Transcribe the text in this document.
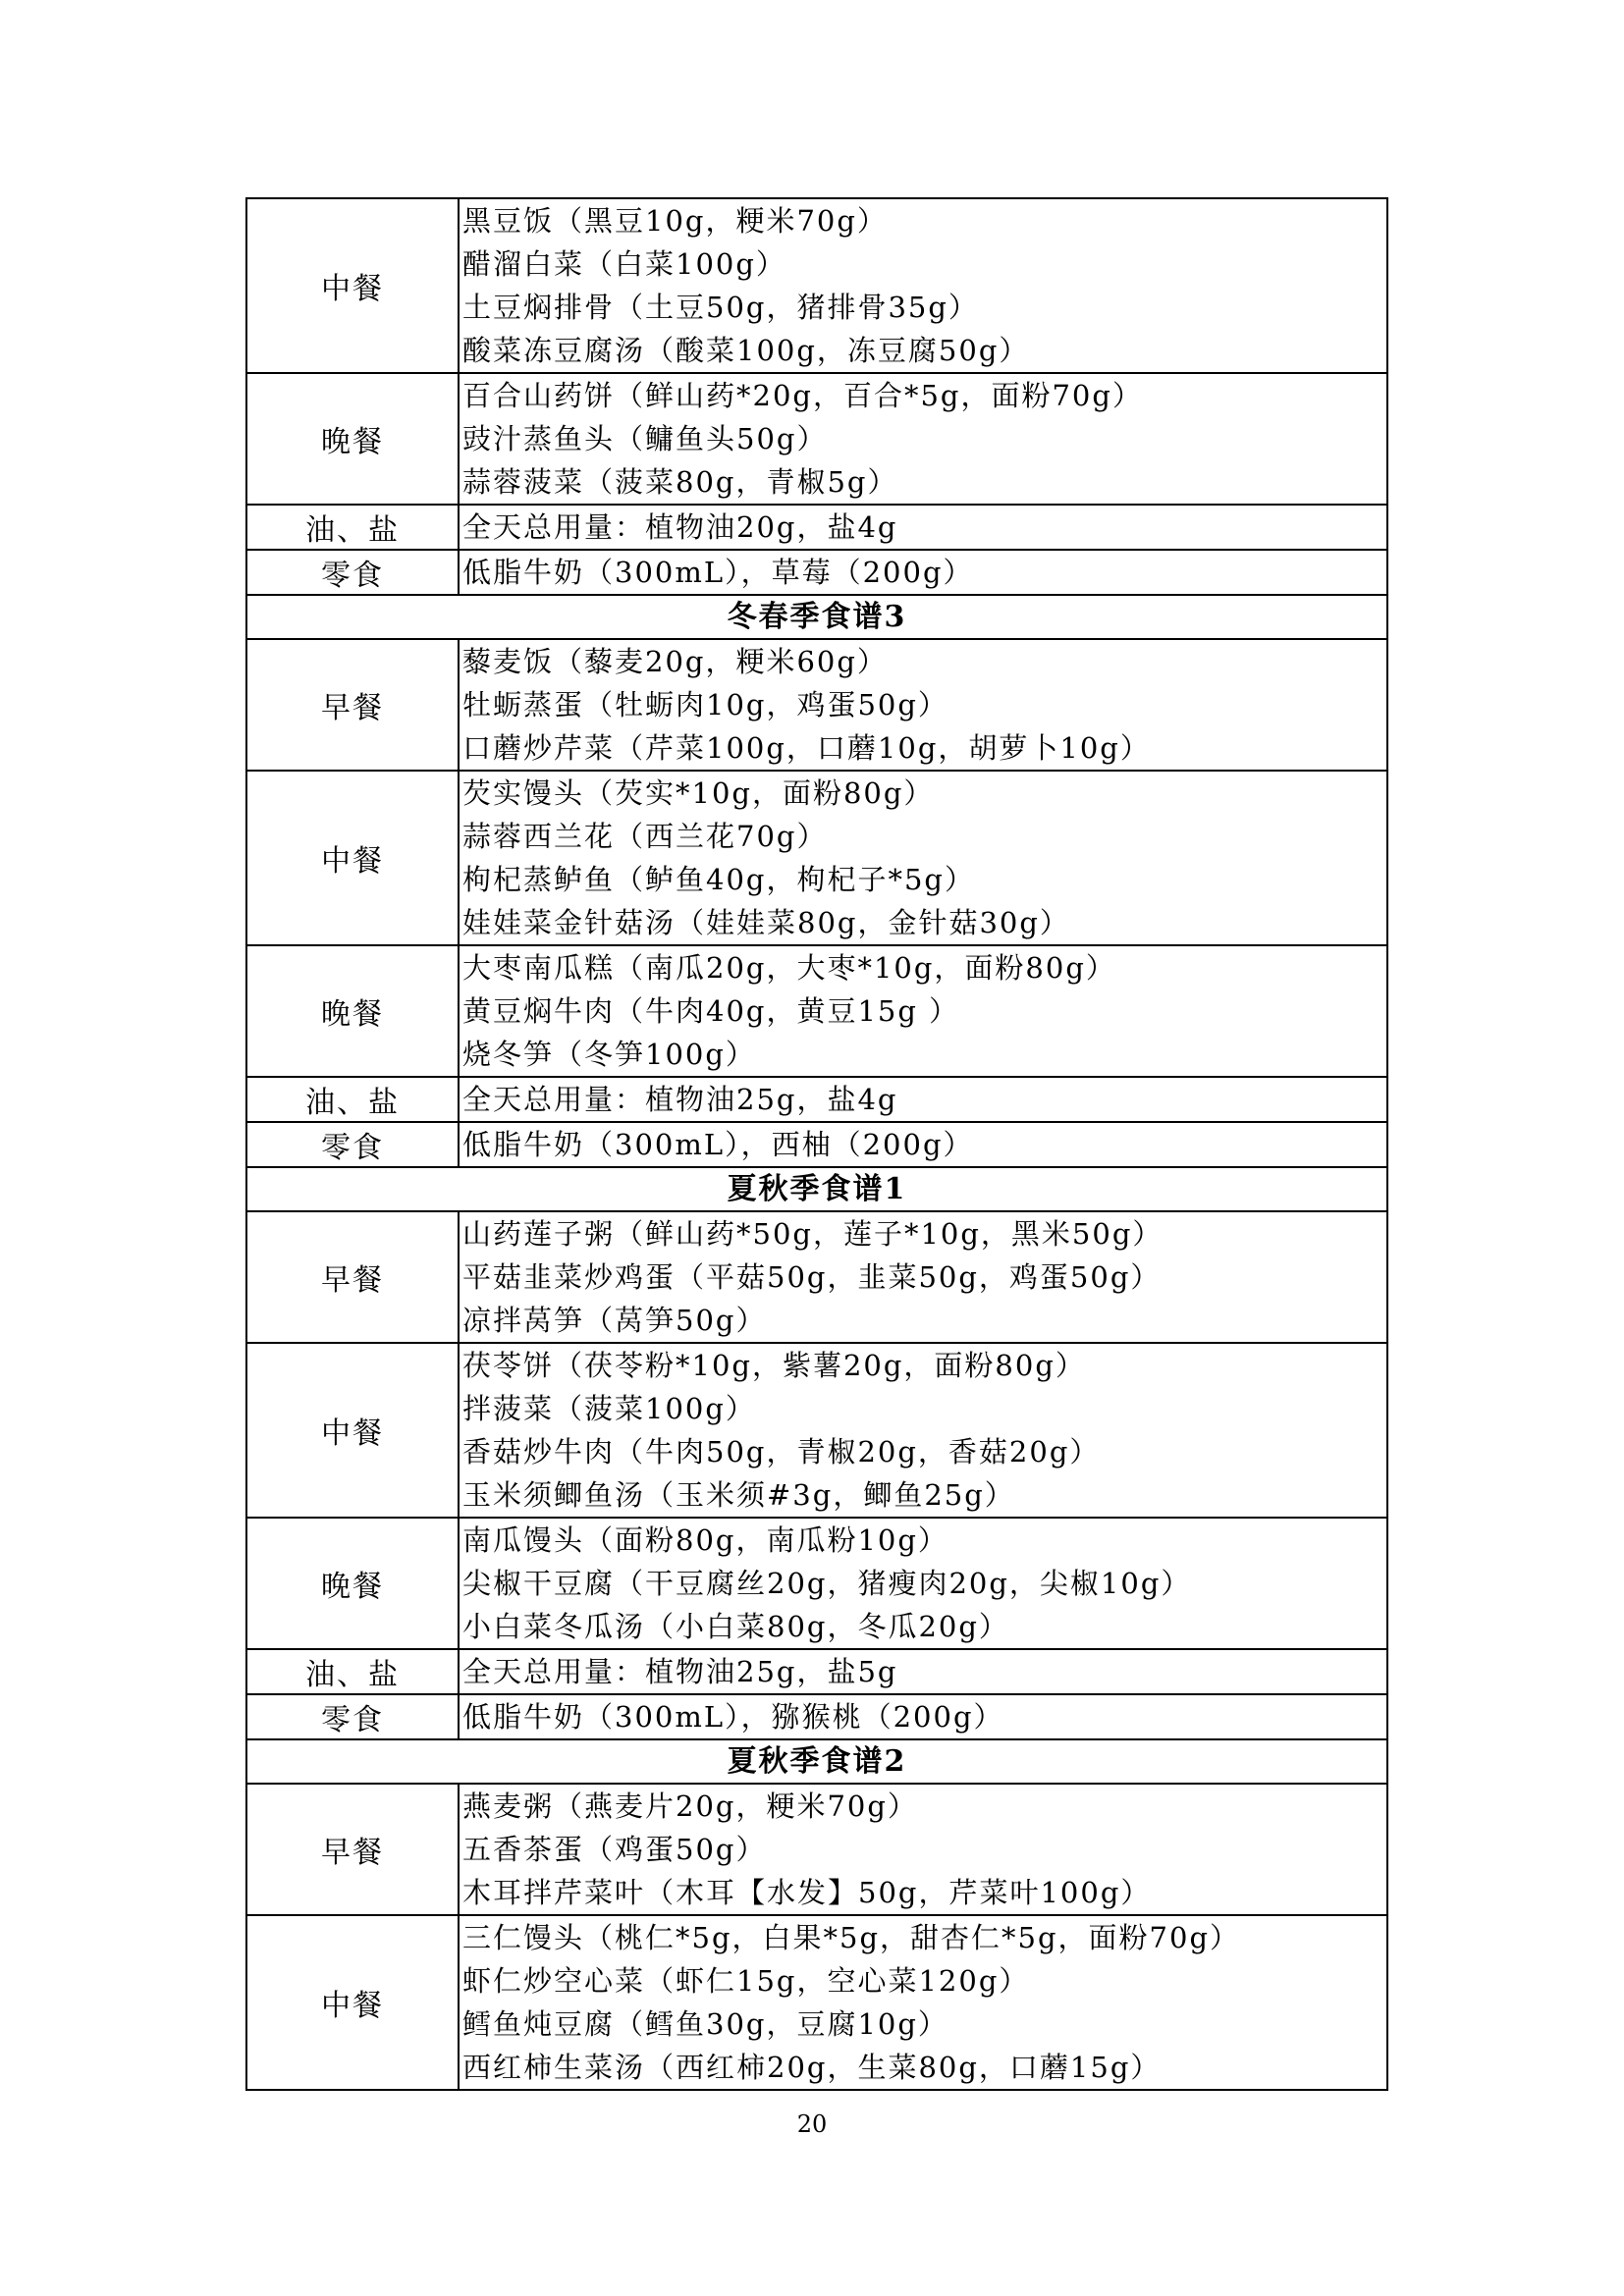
中餐	黑豆饭（黑豆10g，粳米70g）
醋溜白菜（白菜100g）
土豆焖排骨（土豆50g，猪排骨35g）
酸菜冻豆腐汤（酸菜100g，冻豆腐50g）

晚餐	百合山药饼（鲜山药*20g，百合*5g，面粉70g）
豉汁蒸鱼头（鳙鱼头50g）
蒜蓉菠菜（菠菜80g，青椒5g）

油、盐	全天总用量：植物油20g，盐4g

零食	低脂牛奶（300mL），草莓（200g）

冬春季食谱3	
早餐	藜麦饭（藜麦20g，粳米60g）
牡蛎蒸蛋（牡蛎肉10g，鸡蛋50g）
口蘑炒芹菜（芹菜100g，口蘑10g，胡萝卜10g）

中餐	芡实馒头（芡实*10g，面粉80g）
蒜蓉西兰花（西兰花70g）
枸杞蒸鲈鱼（鲈鱼40g，枸杞子*5g）
娃娃菜金针菇汤（娃娃菜80g，金针菇30g）

晚餐	大枣南瓜糕（南瓜20g，大枣*10g，面粉80g）
黄豆焖牛肉（牛肉40g，黄豆15g ）
烧冬笋（冬笋100g）

油、盐	全天总用量：植物油25g，盐4g

零食	低脂牛奶（300mL），西柚（200g）

夏秋季食谱1	
早餐	山药莲子粥（鲜山药*50g，莲子*10g，黑米50g）
平菇韭菜炒鸡蛋（平菇50g，韭菜50g，鸡蛋50g）
凉拌莴笋（莴笋50g）

中餐	茯苓饼（茯苓粉*10g，紫薯20g，面粉80g）
拌菠菜（菠菜100g）
香菇炒牛肉（牛肉50g，青椒20g，香菇20g）
玉米须鲫鱼汤（玉米须#3g，鲫鱼25g）

晚餐	南瓜馒头（面粉80g，南瓜粉10g）
尖椒干豆腐（干豆腐丝20g，猪瘦肉20g，尖椒10g）
小白菜冬瓜汤（小白菜80g，冬瓜20g）

油、盐	全天总用量：植物油25g，盐5g

零食	低脂牛奶（300mL），猕猴桃（200g）

夏秋季食谱2	
早餐	燕麦粥（燕麦片20g，粳米70g）
五香茶蛋（鸡蛋50g）
木耳拌芹菜叶（木耳【水发】50g，芹菜叶100g）

中餐	三仁馒头（桃仁*5g，白果*5g，甜杏仁*5g，面粉70g）
虾仁炒空心菜（虾仁15g，空心菜120g）
鳕鱼炖豆腐（鳕鱼30g，豆腐10g）
西红柿生菜汤（西红柿20g，生菜80g，口蘑15g）
20
